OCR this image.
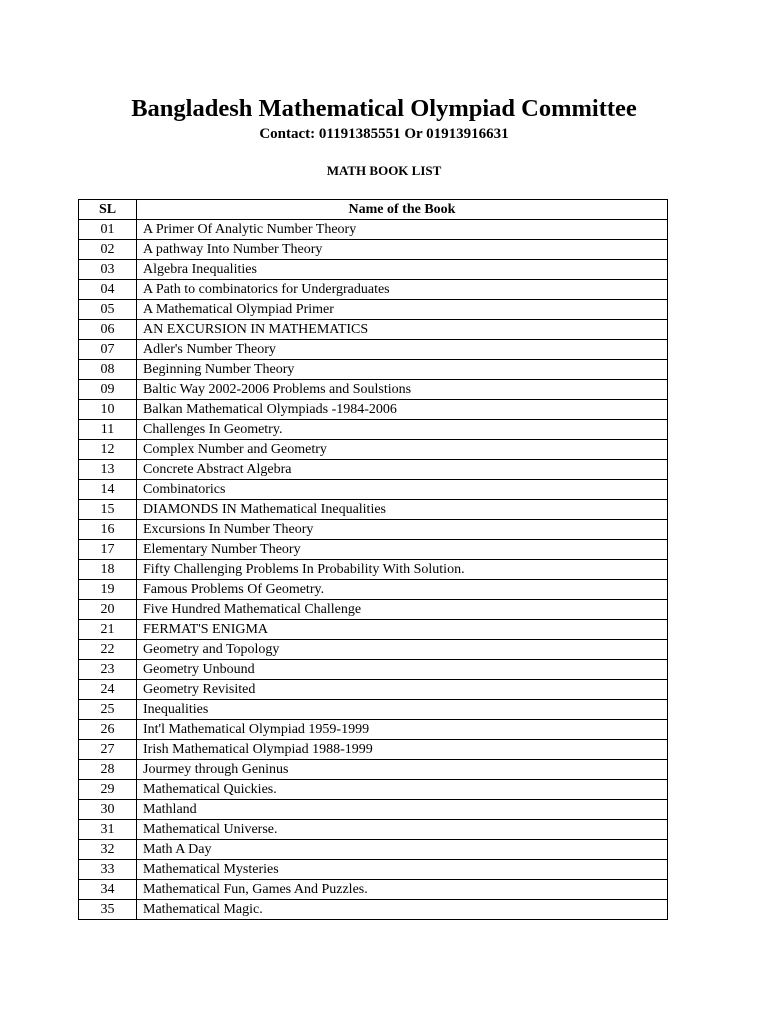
Bangladesh Mathematical Olympiad Committee
Contact: 01191385551 Or 01913916631
MATH BOOK LIST
SL	Name of the Book
01	A Primer Of Analytic Number Theory
02	A pathway Into Number Theory
03	Algebra Inequalities
04	A Path to combinatorics for Undergraduates
05	A Mathematical Olympiad Primer
06	AN EXCURSION IN MATHEMATICS
07	Adler's Number Theory
08	Beginning Number Theory
09	Baltic Way 2002-2006 Problems and Soulstions
10	Balkan Mathematical Olympiads -1984-2006
11	Challenges In Geometry.
12	Complex Number and Geometry
13	Concrete Abstract Algebra
14	Combinatorics
15	DIAMONDS IN Mathematical Inequalities
16	Excursions In Number Theory
17	Elementary Number Theory
18	Fifty Challenging Problems In Probability With Solution.
19	Famous Problems Of Geometry.
20	Five Hundred Mathematical Challenge
21	FERMAT'S ENIGMA
22	Geometry and Topology
23	Geometry Unbound
24	Geometry Revisited
25	Inequalities
26	Int'l Mathematical Olympiad 1959-1999
27	Irish Mathematical Olympiad 1988-1999
28	Jourmey through Geninus
29	Mathematical Quickies.
30	Mathland
31	Mathematical Universe.
32	Math A Day
33	Mathematical Mysteries
34	Mathematical Fun, Games And Puzzles.
35	Mathematical Magic.
